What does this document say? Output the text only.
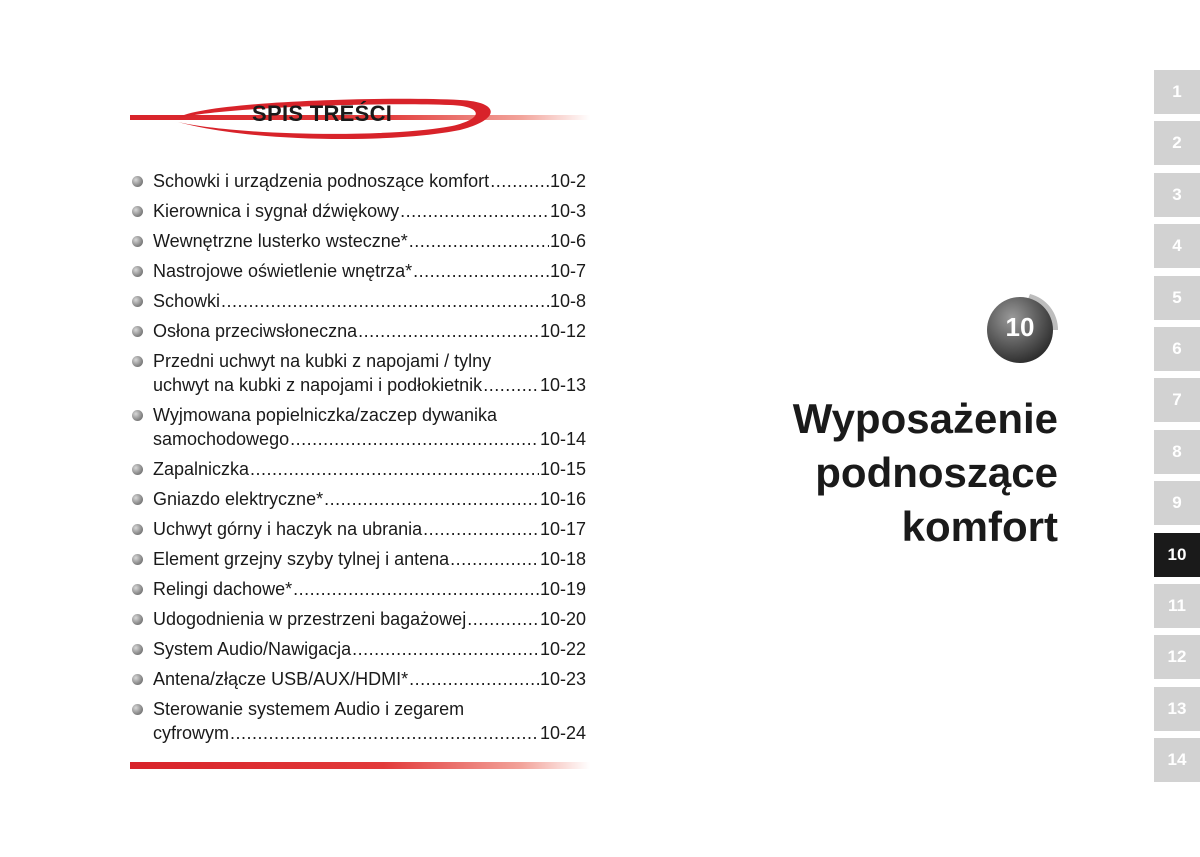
SPIS TREŚCI
Schowki i urządzenia podnoszące komfort .....	10-2
Kierownica i sygnał dźwiękowy .....	10-3
Wewnętrzne lusterko wsteczne* .....	10-6
Nastrojowe oświetlenie wnętrza* .....	10-7
Schowki .....	10-8
Osłona przeciwsłoneczna .....	10-12
Przedni uchwyt na kubki z napojami / tylny
uchwyt na kubki z napojami i podłokietnik .....	10-13
Wyjmowana popielniczka/zaczep dywanika
samochodowego .....	10-14
Zapalniczka .....	10-15
Gniazdo elektryczne* .....	10-16
Uchwyt górny i haczyk na ubrania .....	10-17
Element grzejny szyby tylnej i antena .....	10-18
Relingi dachowe* .....	10-19
Udogodnienia w przestrzeni bagażowej .....	10-20
System Audio/Nawigacja .....	10-22
Antena/złącze USB/AUX/HDMI* .....	10-23
Sterowanie systemem Audio i zegarem
cyfrowym .....	10-24
10
Wyposażenie
podnoszące
komfort
1
2
3
4
5
6
7
8
9
10
11
12
13
14
